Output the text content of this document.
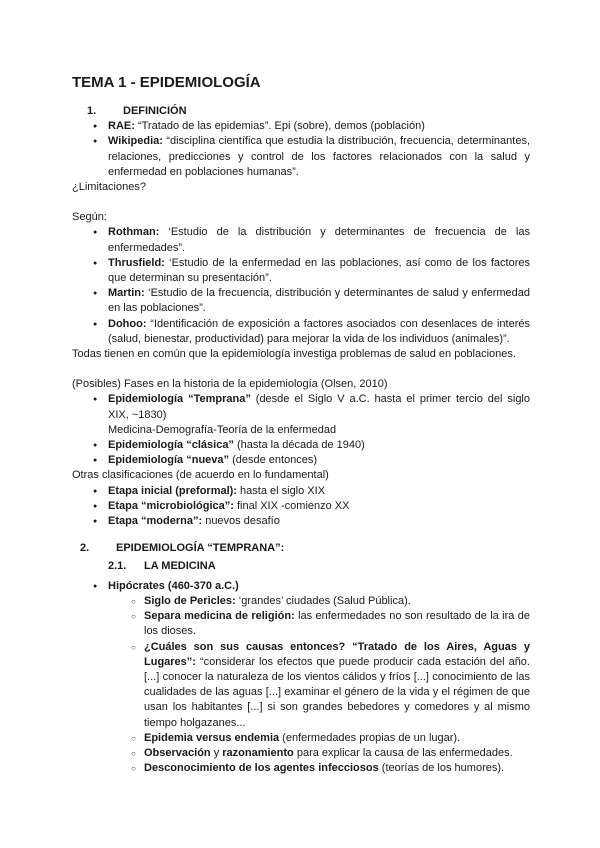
TEMA 1 - EPIDEMIOLOGÍA
1. DEFINICIÓN
● RAE: “Tratado de las epidemias”. Epi (sobre), demos (población)
● Wikipedia: “disciplina científica que estudia la distribución, frecuencia, determinantes, relaciones, predicciones y control de los factores relacionados con la salud y enfermedad en poblaciones humanas”.
¿Limitaciones?
Según:
● Rothman: ‘Estudio de la distribución y determinantes de frecuencia de las enfermedades”.
● Thrusfield: ‘Estudio de la enfermedad en las poblaciones, así como de los factores que determinan su presentación”.
● Martin: ‘Estudio de la frecuencia, distribución y determinantes de salud y enfermedad en las poblaciones”.
● Dohoo: “Identificación de exposición a factores asociados con desenlaces de interés (salud, bienestar, productividad) para mejorar la vida de los individuos (animales)”.
Todas tienen en común que la epidemiología investiga problemas de salud en poblaciones.
(Posibles) Fases en la historia de la epidemiología (Olsen, 2010)
● Epidemiología “Temprana” (desde el Siglo V a.C. hasta el primer tercio del siglo XIX, ~1830)
Medicina-Demografía-Teoría de la enfermedad
● Epidemiología “clásica” (hasta la década de 1940)
● Epidemiología “nueva” (desde entonces)
Otras clasificaciones (de acuerdo en lo fundamental)
● Etapa inicial (preformal): hasta el siglo XIX
● Etapa “microbiológica”: final XIX -comienzo XX
● Etapa “moderna”: nuevos desafío
2. EPIDEMIOLOGÍA “TEMPRANA”:
2.1. LA MEDICINA
● Hipócrates (460-370 a.C.)
○ Siglo de Pericles: ‘grandes’ ciudades (Salud Pública).
○ Separa medicina de religión: las enfermedades no son resultado de la ira de los dioses.
○ ¿Cuáles son sus causas entonces? “Tratado de los Aires, Aguas y Lugares”: “considerar los efectos que puede producir cada estación del año. [...] conocer la naturaleza de los vientos cálidos y fríos [...] conocimiento de las cualidades de las aguas [...] examinar el género de la vida y el régimen de que usan los habitantes [...] si son grandes bebedores y comedores y al mismo tiempo holgazanes...
○ Epidemia versus endemia (enfermedades propias de un lugar).
○ Observación y razonamiento para explicar la causa de las enfermedades.
○ Desconocimiento de los agentes infecciosos (teorías de los humores).
